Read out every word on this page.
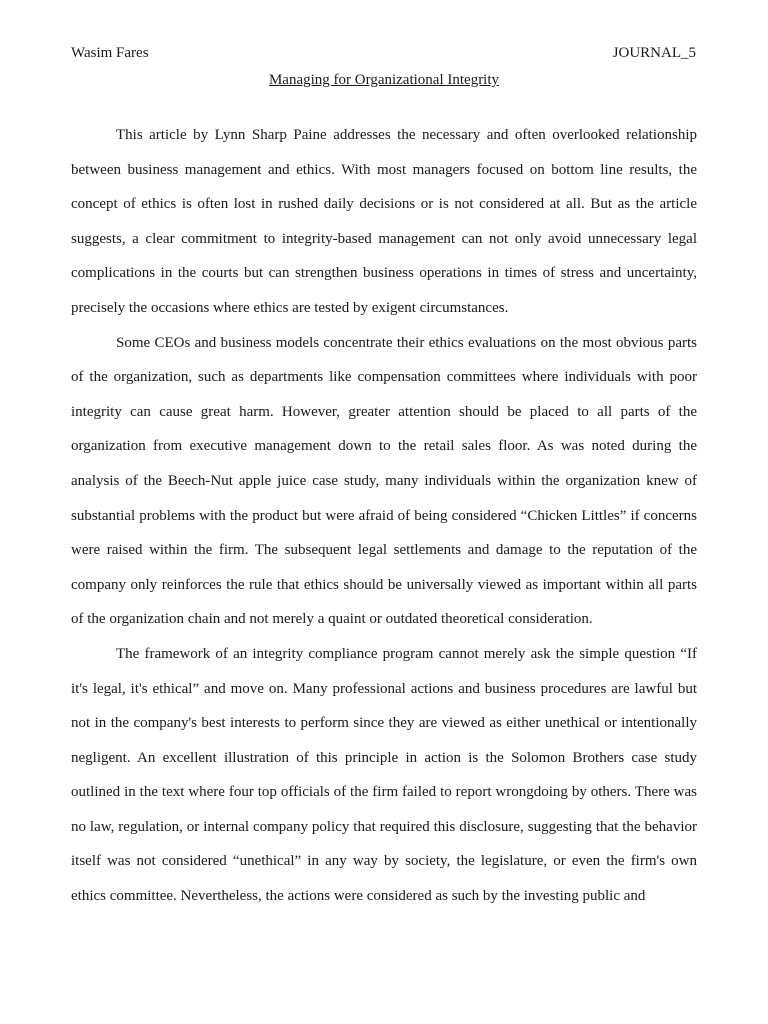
Wasim Fares	JOURNAL_5
Managing for Organizational Integrity

This article by Lynn Sharp Paine addresses the necessary and often overlooked relationship between business management and ethics. With most managers focused on bottom line results, the concept of ethics is often lost in rushed daily decisions or is not considered at all. But as the article suggests, a clear commitment to integrity-based management can not only avoid unnecessary legal complications in the courts but can strengthen business operations in times of stress and uncertainty, precisely the occasions where ethics are tested by exigent circumstances.

Some CEOs and business models concentrate their ethics evaluations on the most obvious parts of the organization, such as departments like compensation committees where individuals with poor integrity can cause great harm. However, greater attention should be placed to all parts of the organization from executive management down to the retail sales floor. As was noted during the analysis of the Beech-Nut apple juice case study, many individuals within the organization knew of substantial problems with the product but were afraid of being considered “Chicken Littles” if concerns were raised within the firm. The subsequent legal settlements and damage to the reputation of the company only reinforces the rule that ethics should be universally viewed as important within all parts of the organization chain and not merely a quaint or outdated theoretical consideration.

The framework of an integrity compliance program cannot merely ask the simple question “If it's legal, it's ethical” and move on. Many professional actions and business procedures are lawful but not in the company's best interests to perform since they are viewed as either unethical or intentionally negligent. An excellent illustration of this principle in action is the Solomon Brothers case study outlined in the text where four top officials of the firm failed to report wrongdoing by others. There was no law, regulation, or internal company policy that required this disclosure, suggesting that the behavior itself was not considered “unethical” in any way by society, the legislature, or even the firm's own ethics committee. Nevertheless, the actions were considered as such by the investing public and
